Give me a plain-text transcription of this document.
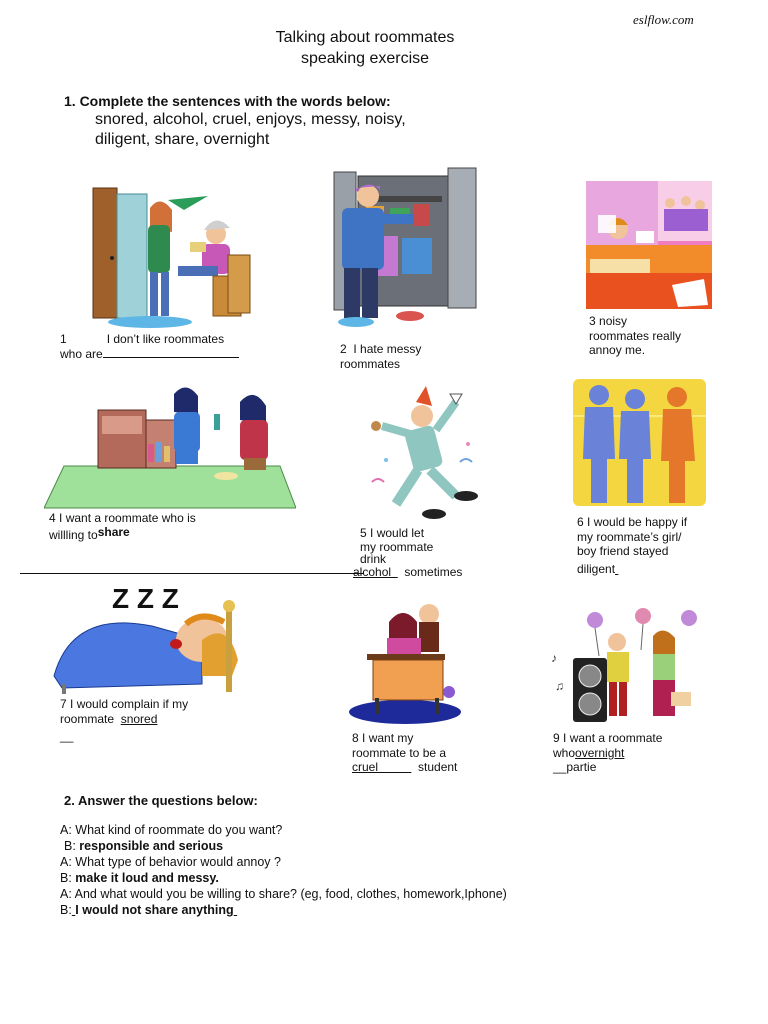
eslflow.com
Talking about roommates
speaking exercise
1. Complete the sentences with the words below:
snored, alcohol, cruel, enjoys, messy, noisy,
diligent, share, overnight
1	I don’t like roommates
who are	2 I hate messy
roommates
3 noisy
roommates really
annoy me.
4 I want a roommate who is
willling toshare	5 I would let
my roommate
drink
alcohol sometimes
6 I would be happy if
my roommate’s girl/
boy friend stayed
diligent
Z Z Z
7 I would complain if my
roommate snored
__	8 I want my
roommate to be a
cruel	student
♪
♫
9 I want a roommate
whoovernight
__partie
2. Answer the questions below:
A: What kind of roommate do you want?
B: responsible and serious
A: What type of behavior would annoy ?
B: make it loud and messy.
A: And what would you be willing to share? (eg, food, clothes, homework,Iphone)
B: I would not share anything
